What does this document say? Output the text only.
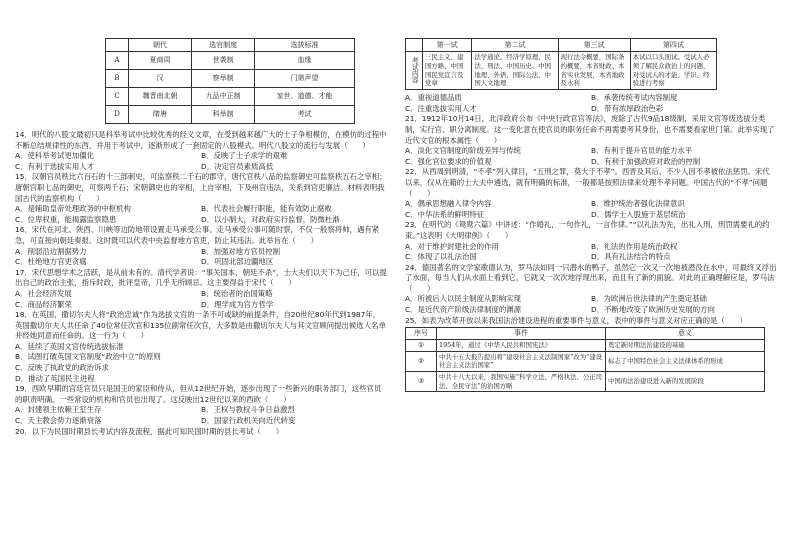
	朝代	选官制度	选拔标准
A	夏商周	世袭制	血缘
B	汉	察举制	门第声望
C	魏晋南北朝	九品中正制	家世、道德、才能
D	隋唐	科举制	考试

14．明代的八股文最初只是科举考试中比较优秀的经义文章，在受到越来越广大的士子争相模仿，在模仿的过程中不断总结规律性的东西，并用于考试中，逐渐形成了一套固定的八股模式。明代八股文的流行与发展（　　）

A．使科举考试更加僵化	B．反映了士子求学的艰难
C．有利于选拔实用人才	D．决定官员素质高低

15．汉朝官员秩比六百石的十三部刺史，可监察秩二千石的郡守，唐代官秩八品的监察御史可监察秩五石之宰相；唐朝官职七品的御史，可察两千石；宋朝御史也的宰相，上自宰相，下及州官违法，关系到官吏廉洁。材料表明我国古代的监察机构（　　）

A．是辅助皇帝处理政务的中枢机构	B．代表社会履行职能，能有效防止腐败
C．位卑权重，能揭露监察隐患	D．以小制大，对政府实行监督，防微杜渐

16．宋代在河北、陕西、川峡等边防地带设置走马承受公事。走马承受公事可随时察，不仅一般察将帅，遇有紧急，可直接向朝廷奏报。这时既可以代表中央监督地方官吏，防止其违法。此举旨在（　　）

A．削弱沿边割据势力	B．加强对地方官员控制
C．杜绝地方官吏贪腐	D．巩固北部边疆地区

17．宋代思想学术之活跃，是从前未有的。清代学者说：“事关国本，朝廷不杀”，士大夫们以天下为己任，可以提出自己的政治主张，指斥时政，批评皇帝，几乎无所顾忌。这主要得益于宋代（　　）

A．社会经济发展	B．统治者的治国策略
C．商品经济繁荣	D．理学成为官方哲学

18．在英国，撒切尔夫人将“政治忠诚”作为选拔文官的一条不可或缺的前提条件，自20世纪80年代到1987年，英国撒切尔夫人共任命了40位常任次官和135位副常任次官，大多数是由撒切尔夫人与其文官顾问提出候选人名单并经她同意而任命的。这一行为（　　）

A．延续了英国文官传统选拔标准
B．试图打破英国文官制度“政治中立”的原则
C．反映了执政党的政治诉求
D．推动了英国民主进程

19．西欧早期的宫廷官员只是国王的家臣和侍从，但从12世纪开始，逐步出现了一些新兴的职务部门，这些官员的职责明确。一些常设的机构和官员也出现了。这反映出12世纪以来的西欧（　　）

A．封建领主依赖王室生存	B．王权与教权斗争日益激烈
C．天主教会势力逐渐衰落	D．国家行政机关向近代转变

20．以下为民国时期县长考试内容及流程，据此可知民国时期的县长考试（　　）

	第一试	第二试	第三试	第四试
考试内容	三民主义、建国方略、中国国民党宣言及党章	法学通论、经济学原理、民法、刑法、中国历史、中国地理、外语、国际公法、中国人文地理	现行法令概要，国际条约概要，本省财政、本省实业发展，本省地政及水利	本试以口头面试。受试人必须了解民众政治上的问题，对受试人的才能、学识、经验进行考察
A．重视道德品质	B．承袭传统考试内容制度
C．注重选拔实用人才	D．带有浓厚政治色彩

21．1912年10月14日，北洋政府公布《中央行政官官等法》，废除了古代9品18级制，采用文官等级选拔分类制，实行官、职分离制度。这一变化意在使官员的职务任命不再需要考其身份，也不需要看家世门第。此举实现了近代文官的根本属性（　　）

A．淡化文官制度的阶级差异与传统	B．有利于提升官员的能力水平
C．强化官位要求的价值观	D．有利于加强政府对政治的控制

22．从西周到明清，“不孝”列入律目，“五刑之罪，莫大于不孝”。西晋及其后，不少人因不孝被依法惩罚。宋代以来，仅从在籍的士大夫中遴选，就有明确的标准，一般都是按照法律来处理不孝问题。中国古代的“不孝”问题（　　）

A．偶承思想融入律令内容	B．维护统治者强化法律意识
C．中华法系的鲜明特征	D．儒学士入股施于基层统治

23．在明代的《鸳鸯六篇》中讲述：“作婚礼，一句作礼，一言作律。”“以礼法为先，出礼入刑，刑罚需要礼的约束。”这表明《大明律例》（　　）

A．对于维护封建社会的作用	B．礼法的作用是统治政权
C．体现了以礼法治国	D．具有礼法结合的特点

24．德国著名的文学家歌德认为，罗马法如同一只潜水的鸭子，虽然它一次又一次地被潜没在水中，可最终又浮出了水面，每当人们从水面上看到它，它就又一次次地浮现出来，而且有了新的面貌。对此的正确理解应是，罗马法（　　）

A．所被后人以民主制度从影响实现	B．为欧洲后世法律的产生奠定基础
C．是近代资产阶级法律制度的渊源	D．不断地改变了欧洲历史发展的方向

25．如表为改革开放以来我国法治建设进程的重要事件与意义，表中的事件与意义对应正确的是（　　）

序号	事件	意义
①	1954年，通过《中华人民共和国宪法》	奠定新时期法治建设的基础
②	中共十五大报告提出将“建设社会主义法制国家”改为“建设社会主义法治国家”	标志了中国特色社会主义法律体系的形成
③	中共十八大以来，我国实施“科学立法、严格执法、公正司法、全民守法”的治国方略	中国的法治建设进入新的发展阶段
